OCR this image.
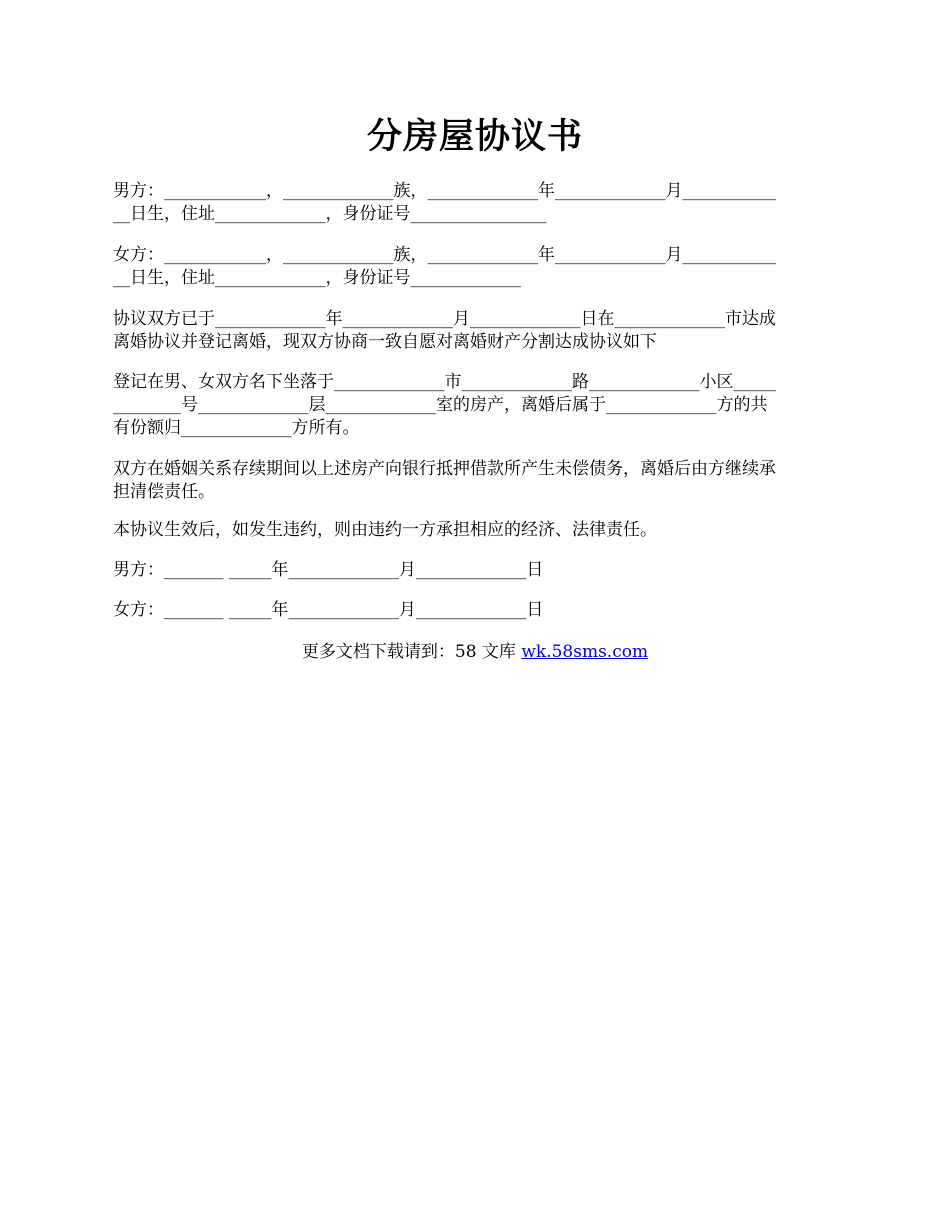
分房屋协议书
男方：____________，_____________族，_____________年_____________月___________
__日生，住址_____________，身份证号________________
女方：____________，_____________族，_____________年_____________月___________
__日生，住址_____________，身份证号_____________
协议双方已于_____________年_____________月_____________日在_____________市达成
离婚协议并登记离婚，现双方协商一致自愿对离婚财产分割达成协议如下
登记在男、女双方名下坐落于_____________市_____________路_____________小区_____
________号_____________层_____________室的房产，离婚后属于_____________方的共
有份额归_____________方所有。
双方在婚姻关系存续期间以上述房产向银行抵押借款所产生未偿债务，离婚后由方继续承
担清偿责任。
本协议生效后，如发生违约，则由违约一方承担相应的经济、法律责任。
男方：_______ _____年_____________月_____________日
女方：_______ _____年_____________月_____________日
更多文档下载请到：58 文库 wk.58sms.com
